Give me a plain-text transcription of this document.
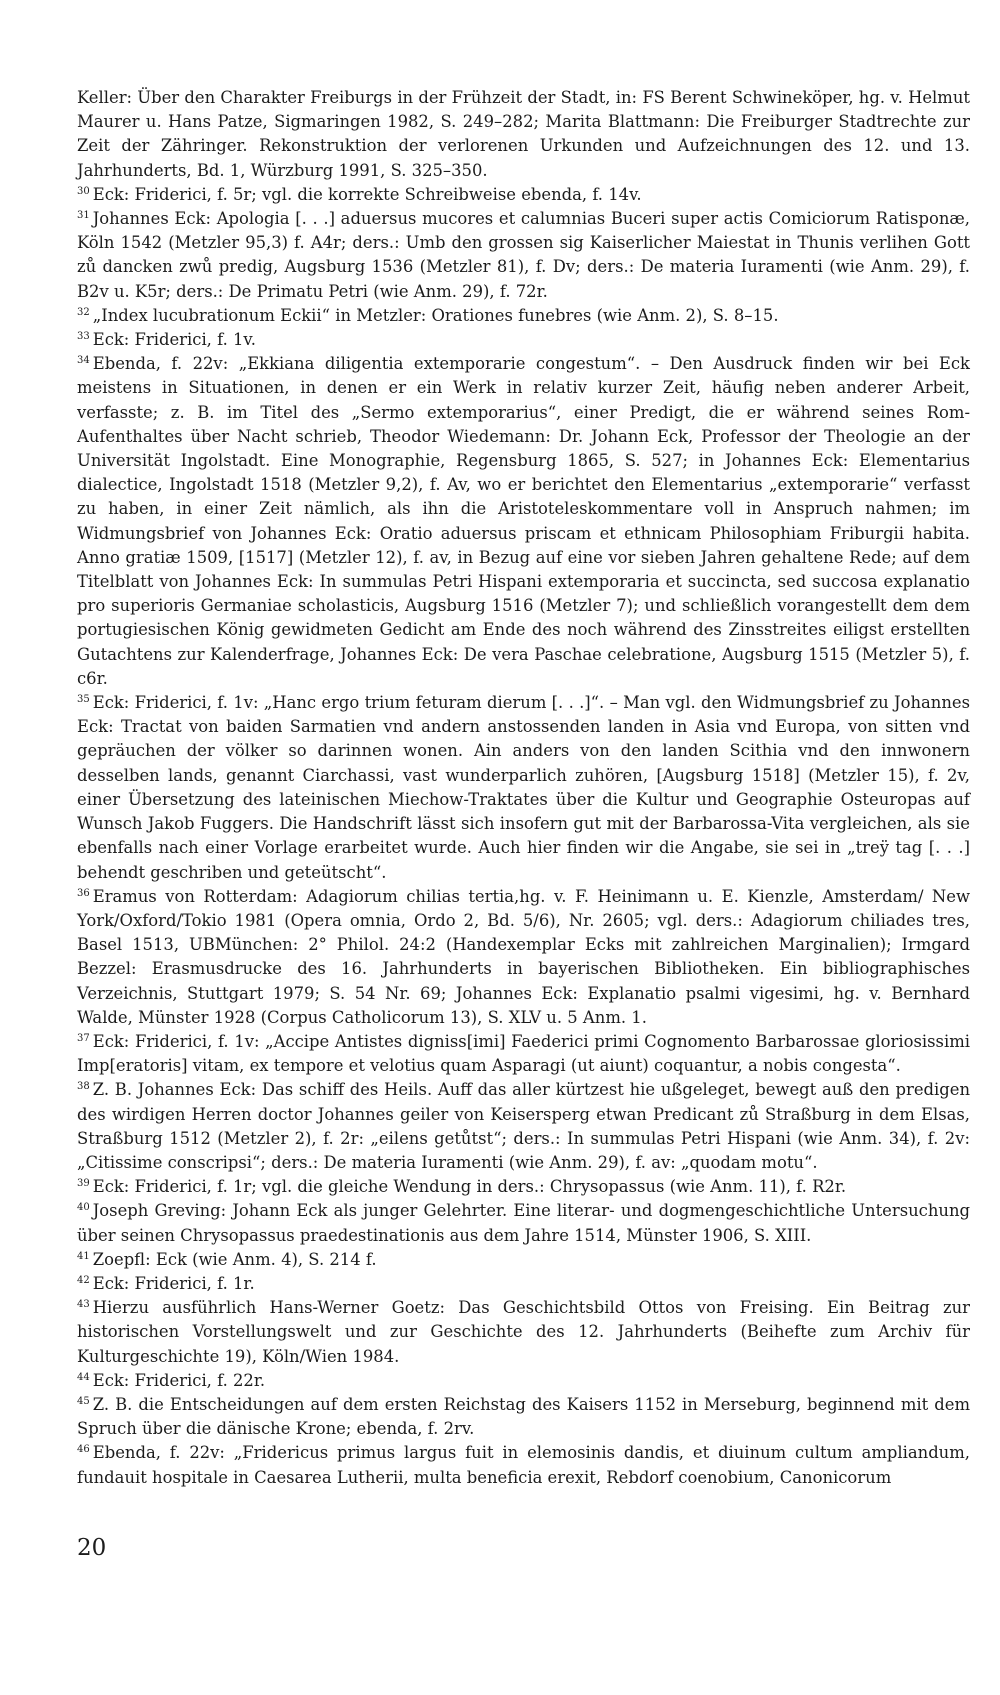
Keller: Über den Charakter Freiburgs in der Frühzeit der Stadt, in: FS Berent Schwineköper, hg. v. Helmut Maurer u. Hans Patze, Sigmaringen 1982, S. 249–282; Marita Blattmann: Die Freiburger Stadtrechte zur Zeit der Zähringer. Rekonstruktion der verlorenen Urkunden und Aufzeichnungen des 12. und 13. Jahrhunderts, Bd. 1, Würzburg 1991, S. 325–350.

$^{30}$ Eck: Friderici, f. 5r; vgl. die korrekte Schreibweise ebenda, f. 14v.

$^{31}$ Johannes Eck: Apologia [. . .] aduersus mucores et calumnias Buceri super actis Comiciorum Ratisponæ, Köln 1542 (Metzler 95,3) f. A4r; ders.: Umb den grossen sig Kaiserlicher Maiestat in Thunis verlihen Gott zů dancken zwů predig, Augsburg 1536 (Metzler 81), f. Dv; ders.: De materia Iuramenti (wie Anm. 29), f. B2v u. K5r; ders.: De Primatu Petri (wie Anm. 29), f. 72r.

$^{32}$ „Index lucubrationum Eckii“ in Metzler: Orationes funebres (wie Anm. 2), S. 8–15.

$^{33}$ Eck: Friderici, f. 1v.

$^{34}$ Ebenda, f. 22v: „Ekkiana diligentia extemporarie congestum“. – Den Ausdruck finden wir bei Eck meistens in Situationen, in denen er ein Werk in relativ kurzer Zeit, häufig neben anderer Arbeit, verfasste; z. B. im Titel des „Sermo extemporarius“, einer Predigt, die er während seines Rom-Aufenthaltes über Nacht schrieb, Theodor Wiedemann: Dr. Johann Eck, Professor der Theologie an der Universität Ingolstadt. Eine Monographie, Regensburg 1865, S. 527; in Johannes Eck: Elementarius dialectice, Ingolstadt 1518 (Metzler 9,2), f. Av, wo er berichtet den Elementarius „extemporarie“ verfasst zu haben, in einer Zeit nämlich, als ihn die Aristoteleskommentare voll in Anspruch nahmen; im Widmungsbrief von Johannes Eck: Oratio aduersus priscam et ethnicam Philosophiam Friburgii habita. Anno gratiæ 1509, [1517] (Metzler 12), f. av, in Bezug auf eine vor sieben Jahren gehaltene Rede; auf dem Titelblatt von Johannes Eck: In summulas Petri Hispani extemporaria et succincta, sed succosa explanatio pro superioris Germaniae scholasticis, Augsburg 1516 (Metzler 7); und schließlich vorangestellt dem dem portugiesischen König gewidmeten Gedicht am Ende des noch während des Zinsstreites eiligst erstellten Gutachtens zur Kalenderfrage, Johannes Eck: De vera Paschae celebratione, Augsburg 1515 (Metzler 5), f. c6r.

$^{35}$ Eck: Friderici, f. 1v: „Hanc ergo trium feturam dierum [. . .]“. – Man vgl. den Widmungsbrief zu Johannes Eck: Tractat von baiden Sarmatien vnd andern anstossenden landen in Asia vnd Europa, von sitten vnd gepräuchen der völker so darinnen wonen. Ain anders von den landen Scithia vnd den innwonern desselben lands, genannt Ciarchassi, vast wunderparlich zuhören, [Augsburg 1518] (Metzler 15), f. 2v, einer Übersetzung des lateinischen Miechow-Traktates über die Kultur und Geographie Osteuropas auf Wunsch Jakob Fuggers. Die Handschrift lässt sich insofern gut mit der Barbarossa-Vita vergleichen, als sie ebenfalls nach einer Vorlage erarbeitet wurde. Auch hier finden wir die Angabe, sie sei in „treÿ tag [. . .] behendt geschriben und geteütscht“.

$^{36}$ Eramus von Rotterdam: Adagiorum chilias tertia,hg. v. F. Heinimann u. E. Kienzle, Amsterdam/ New York/Oxford/Tokio 1981 (Opera omnia, Ordo 2, Bd. 5/6), Nr. 2605; vgl. ders.: Adagiorum chiliades tres, Basel 1513, UBMünchen: 2° Philol. 24:2 (Handexemplar Ecks mit zahlreichen Marginalien); Irmgard Bezzel: Erasmusdrucke des 16. Jahrhunderts in bayerischen Bibliotheken. Ein bibliographisches Verzeichnis, Stuttgart 1979; S. 54 Nr. 69; Johannes Eck: Explanatio psalmi vigesimi, hg. v. Bernhard Walde, Münster 1928 (Corpus Catholicorum 13), S. XLV u. 5 Anm. 1.

$^{37}$ Eck: Friderici, f. 1v: „Accipe Antistes digniss[imi] Faederici primi Cognomento Barbarossae gloriosissimi Imp[eratoris] vitam, ex tempore et velotius quam Asparagi (ut aiunt) coquantur, a nobis congesta“.

$^{38}$ Z. B. Johannes Eck: Das schiff des Heils. Auff das aller kürtzest hie ußgeleget, bewegt auß den predigen des wirdigen Herren doctor Johannes geiler von Keisersperg etwan Predicant zů Straßburg in dem Elsas, Straßburg 1512 (Metzler 2), f. 2r: „eilens getůtst“; ders.: In summulas Petri Hispani (wie Anm. 34), f. 2v: „Citissime conscripsi“; ders.: De materia Iuramenti (wie Anm. 29), f. av: „quodam motu“.

$^{39}$ Eck: Friderici, f. 1r; vgl. die gleiche Wendung in ders.: Chrysopassus (wie Anm. 11), f. R2r.

$^{40}$ Joseph Greving: Johann Eck als junger Gelehrter. Eine literar- und dogmengeschichtliche Untersuchung über seinen Chrysopassus praedestinationis aus dem Jahre 1514, Münster 1906, S. XIII.

$^{41}$ Zoepfl: Eck (wie Anm. 4), S. 214 f.

$^{42}$ Eck: Friderici, f. 1r.

$^{43}$ Hierzu ausführlich Hans-Werner Goetz: Das Geschichtsbild Ottos von Freising. Ein Beitrag zur historischen Vorstellungswelt und zur Geschichte des 12. Jahrhunderts (Beihefte zum Archiv für Kulturgeschichte 19), Köln/Wien 1984.

$^{44}$ Eck: Friderici, f. 22r.

$^{45}$ Z. B. die Entscheidungen auf dem ersten Reichstag des Kaisers 1152 in Merseburg, beginnend mit dem Spruch über die dänische Krone; ebenda, f. 2rv.

$^{46}$ Ebenda, f. 22v: „Fridericus primus largus fuit in elemosinis dandis, et diuinum cultum ampliandum, fundauit hospitale in Caesarea Lutherii, multa beneficia erexit, Rebdorf coenobium, Canonicorum

20
